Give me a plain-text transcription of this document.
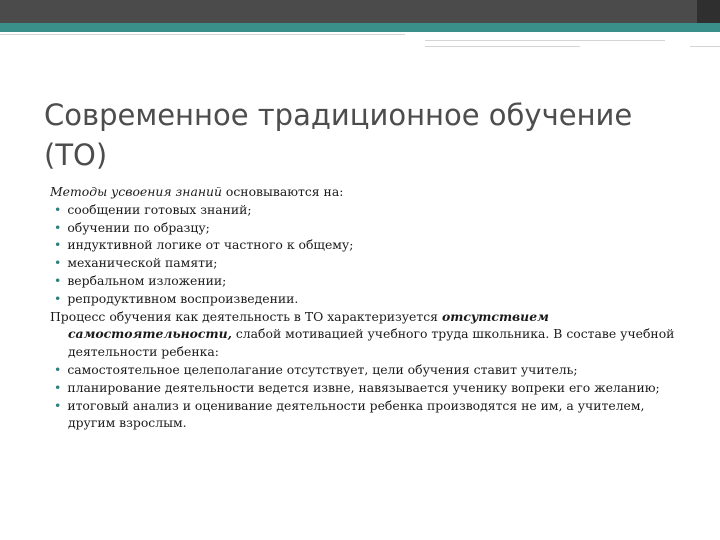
Современное традиционное обучение (ТО)

Методы усвоения знаний основываются на:

• сообщении готовых знаний;

• обучении по образцу;

• индуктивной логике от частного к общему;

• механической памяти;

• вербальном изложении;

• репродуктивном воспроизведении.

Процесс обучения как деятельность в ТО характеризуется отсутствием самостоятельности, слабой мотивацией учебного труда школьника. В составе учебной деятельности ребенка:

• самостоятельное целеполагание отсутствует, цели обучения ставит учитель;

• планирование деятельности ведется извне, навязывается ученику вопреки его желанию;

• итоговый анализ и оценивание деятельности ребенка производятся не им, а учителем, другим взрослым.
